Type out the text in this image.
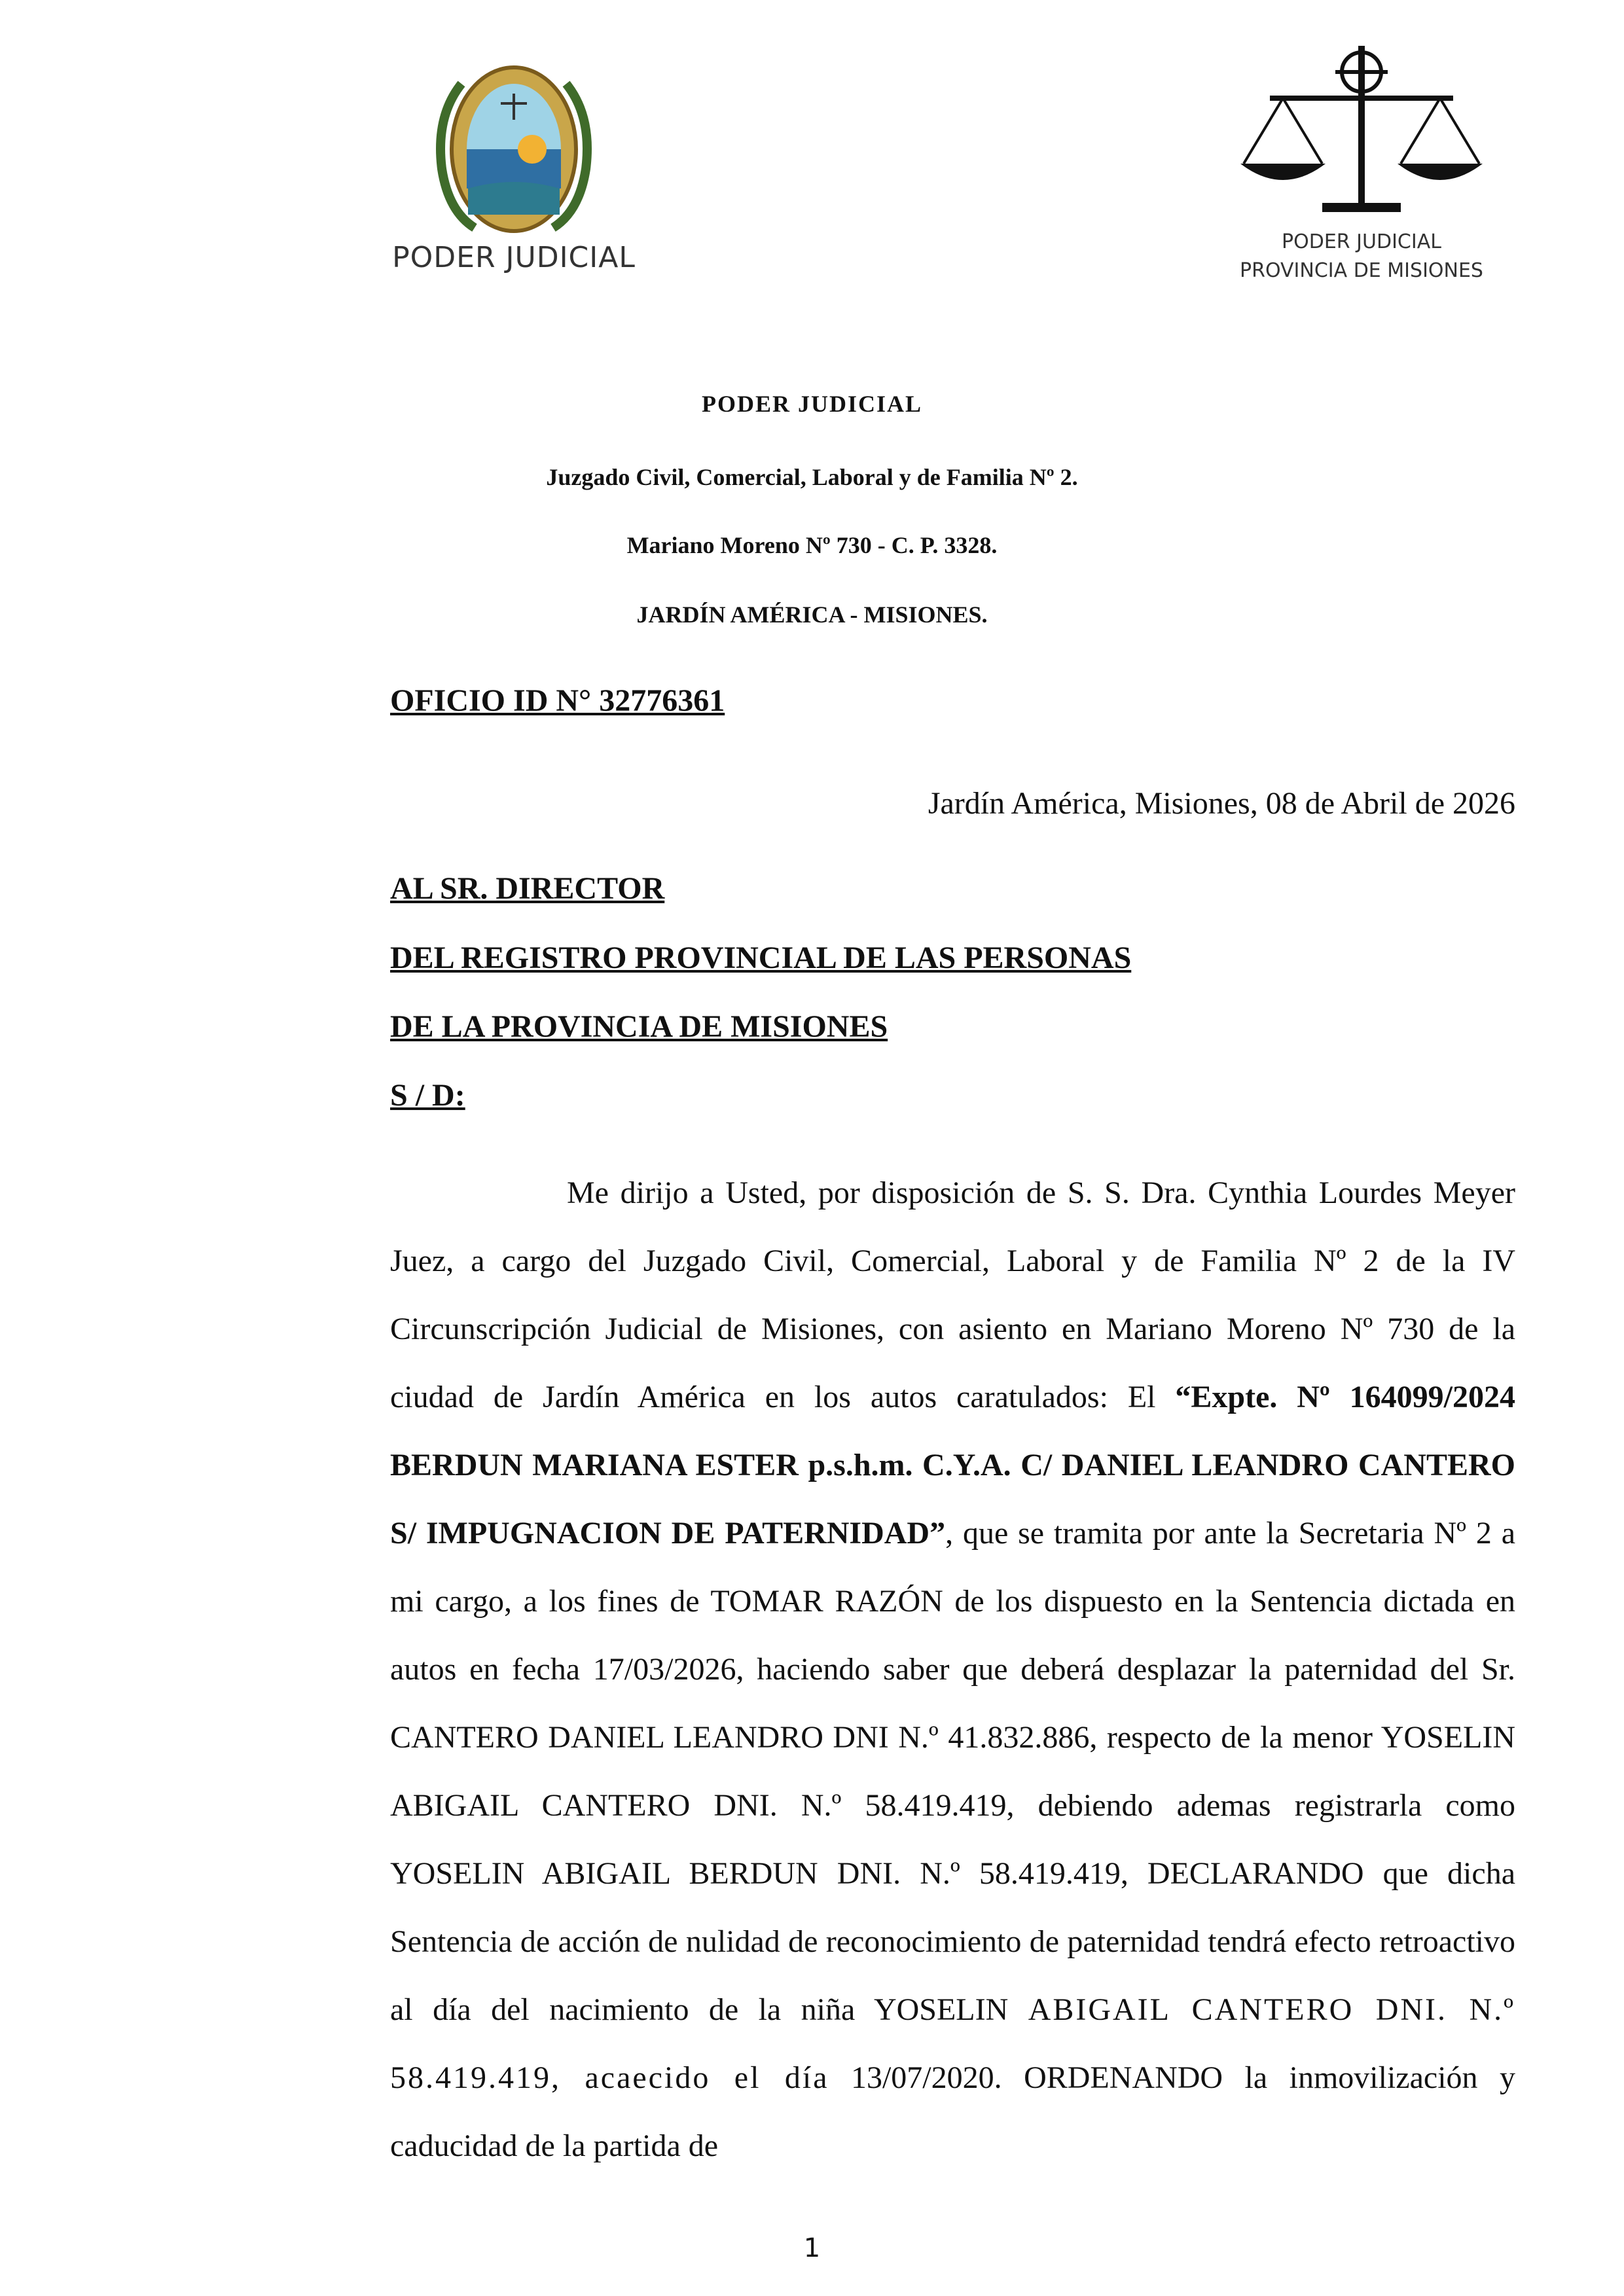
PODER JUDICIAL	PODER JUDICIAL
PROVINCIA DE MISIONES
PODER JUDICIAL
Juzgado Civil, Comercial, Laboral y de Familia Nº 2.
Mariano Moreno Nº 730 - C. P. 3328.
JARDÍN AMÉRICA - MISIONES.
OFICIO ID N° 32776361
Jardín América, Misiones, 08 de Abril de 2026
AL SR. DIRECTOR
DEL REGISTRO PROVINCIAL DE LAS PERSONAS
DE LA PROVINCIA DE MISIONES
S / D:

Me dirijo a Usted, por disposición de S. S. Dra. Cynthia Lourdes Meyer Juez, a cargo del Juzgado Civil, Comercial, Laboral y de Familia Nº 2 de la IV Circunscripción Judicial de Misiones, con asiento en Mariano Moreno Nº 730 de la ciudad de Jardín América en los autos caratulados: El “Expte. Nº 164099/2024 BERDUN MARIANA ESTER p.s.h.m. C.Y.A. C/ DANIEL LEANDRO CANTERO S/ IMPUGNACION DE PATERNIDAD”, que se tramita por ante la Secretaria Nº 2 a mi cargo, a los fines de TOMAR RAZÓN de los dispuesto en la Sentencia dictada en autos en fecha 17/03/2026, haciendo saber que deberá desplazar la paternidad del Sr. CANTERO DANIEL LEANDRO DNI N.º 41.832.886, respecto de la menor YOSELIN ABIGAIL CANTERO DNI. N.º 58.419.419, debiendo ademas registrarla como YOSELIN ABIGAIL BERDUN DNI. N.º 58.419.419, DECLARANDO que dicha Sentencia de acción de nulidad de reconocimiento de paternidad tendrá efecto retroactivo al día del nacimiento de la niña YOSELIN ABIGAIL CANTERO DNI. N.º 58.419.419, acaecido el día 13/07/2020. ORDENANDO la inmovilización y caducidad de la partida de

1
